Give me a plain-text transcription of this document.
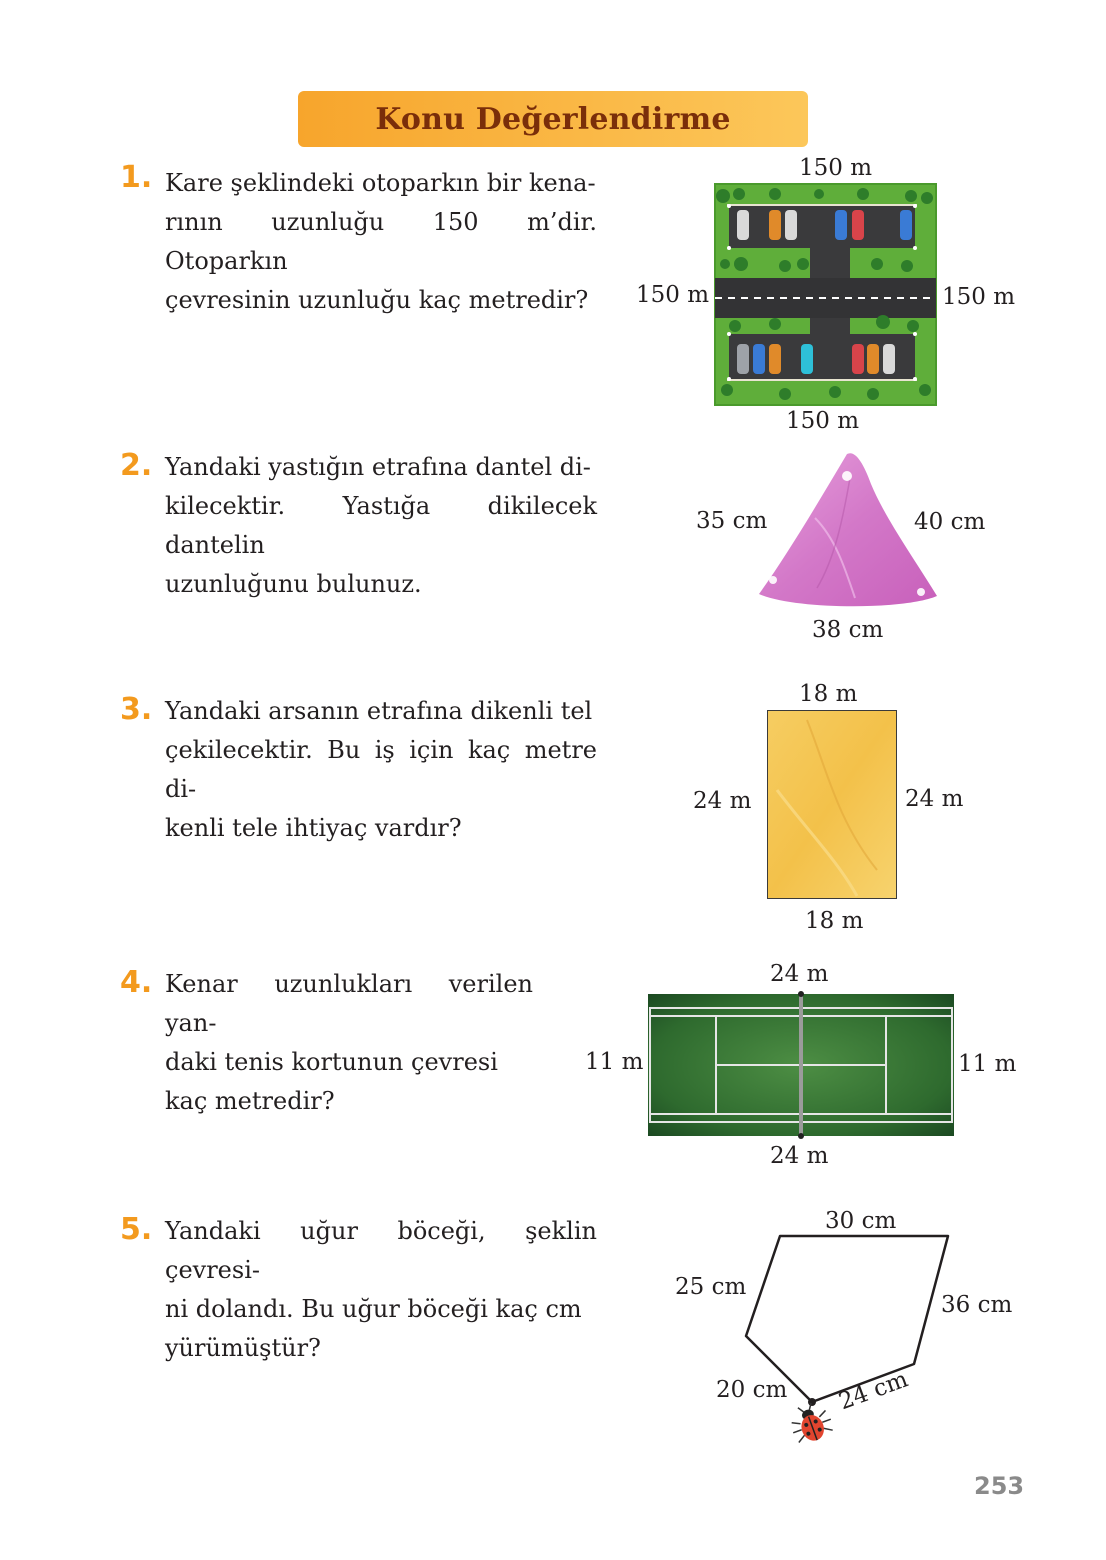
Konu Değerlendirme
1. Kare şeklindeki otoparkın bir kena-
rının uzunluğu 150 m’dir. Otoparkın
çevresinin uzunluğu kaç metredir?
150 m
150 m	150 m
150 m
2. Yandaki yastığın etrafına dantel di-
kilecektir. Yastığa dikilecek dantelin
uzunluğunu bulunuz.
35 cm	40 cm
38 cm
3. Yandaki arsanın etrafına dikenli tel
çekilecektir. Bu iş için kaç metre di-
kenli tele ihtiyaç vardır?
18 m
24 m	24 m
18 m
4. Kenar uzunlukları verilen yan-
daki tenis kortunun çevresi
kaç metredir?
24 m
11 m	11 m
24 m
5. Yandaki uğur böceği, şeklin çevresi-
ni dolandı. Bu uğur böceği kaç cm
yürümüştür?
30 cm
25 cm
36 cm
20 cm 24 cm
253
